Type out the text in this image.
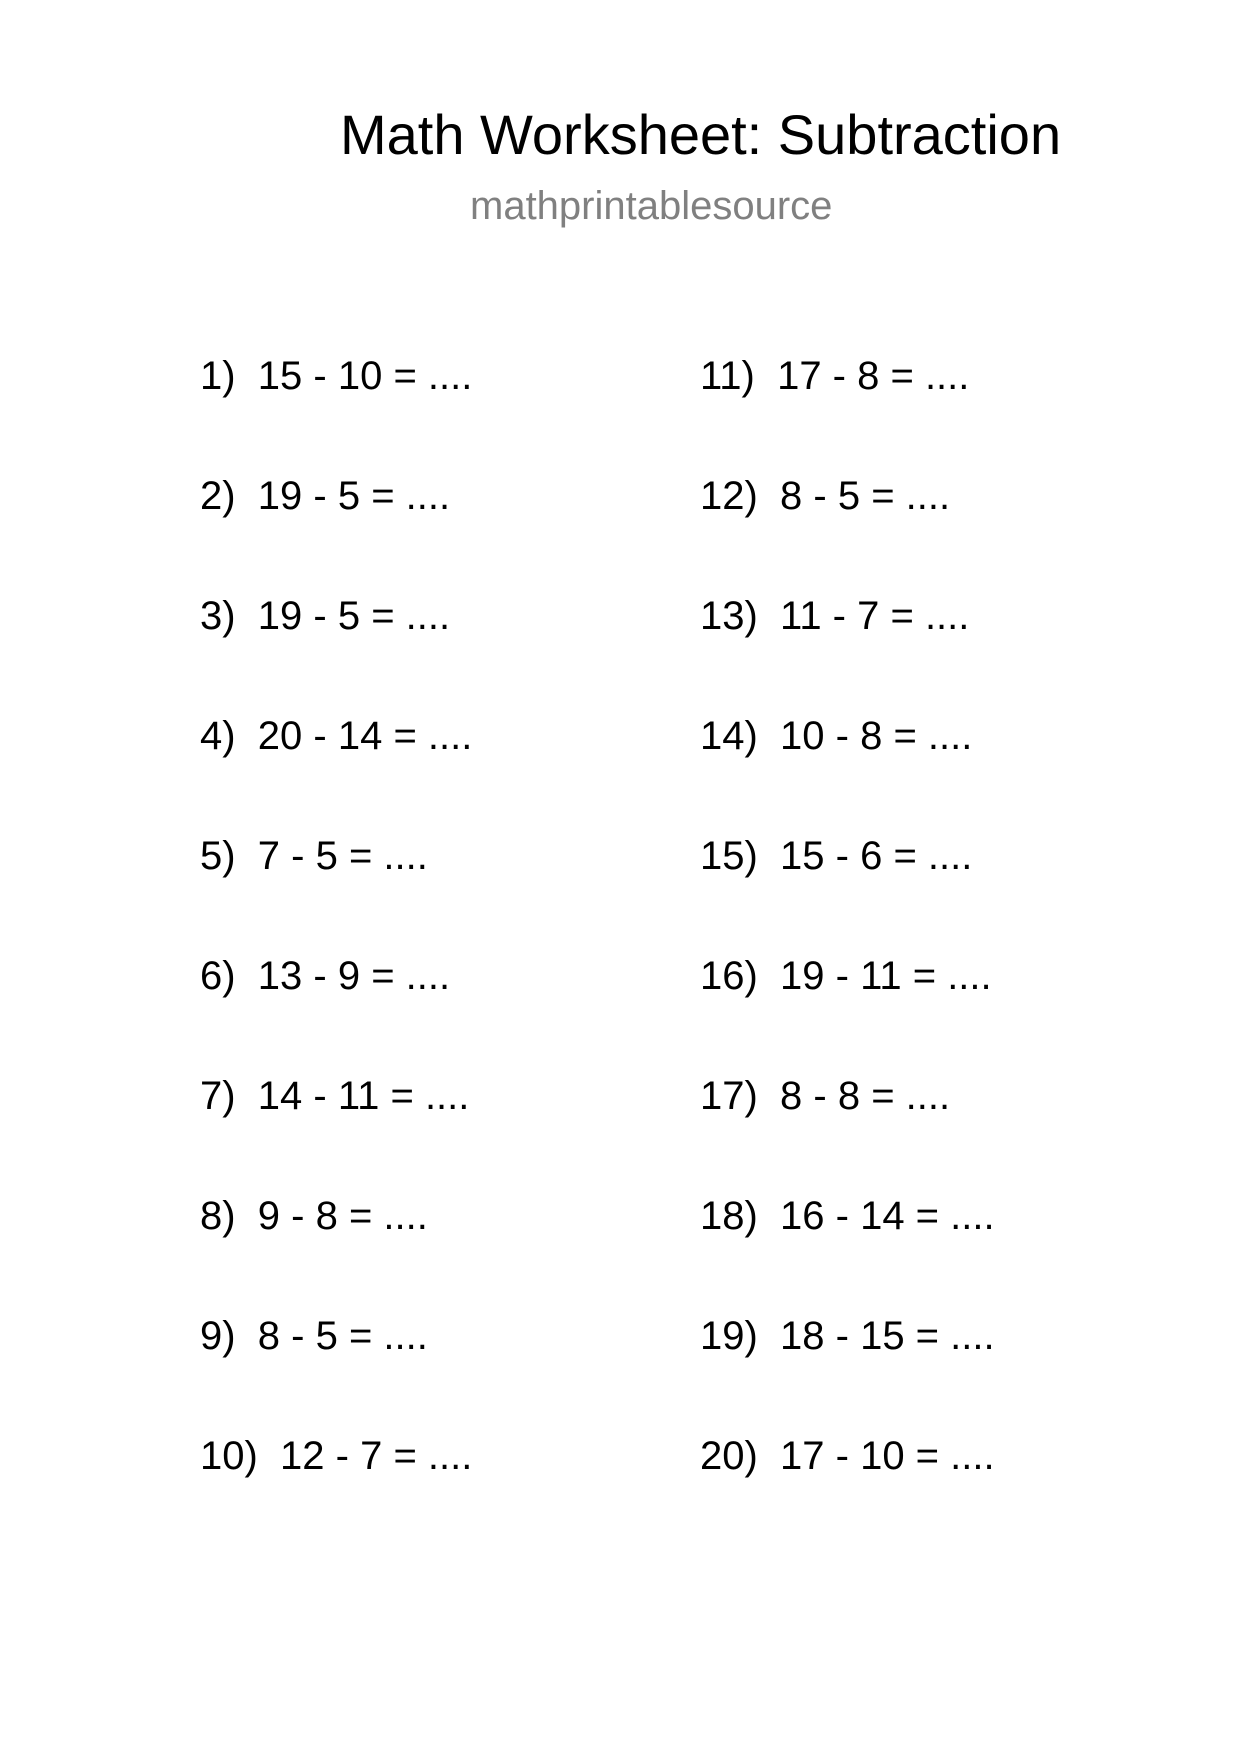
Math Worksheet: Subtraction
mathprintablesource
1)  15 - 10 = ....
2)  19 - 5 = ....
3)  19 - 5 = ....
4)  20 - 14 = ....
5)  7 - 5 = ....
6)  13 - 9 = ....
7)  14 - 11 = ....
8)  9 - 8 = ....
9)  8 - 5 = ....
10)  12 - 7 = ....
11)  17 - 8 = ....
12)  8 - 5 = ....
13)  11 - 7 = ....
14)  10 - 8 = ....
15)  15 - 6 = ....
16)  19 - 11 = ....
17)  8 - 8 = ....
18)  16 - 14 = ....
19)  18 - 15 = ....
20)  17 - 10 = ....
